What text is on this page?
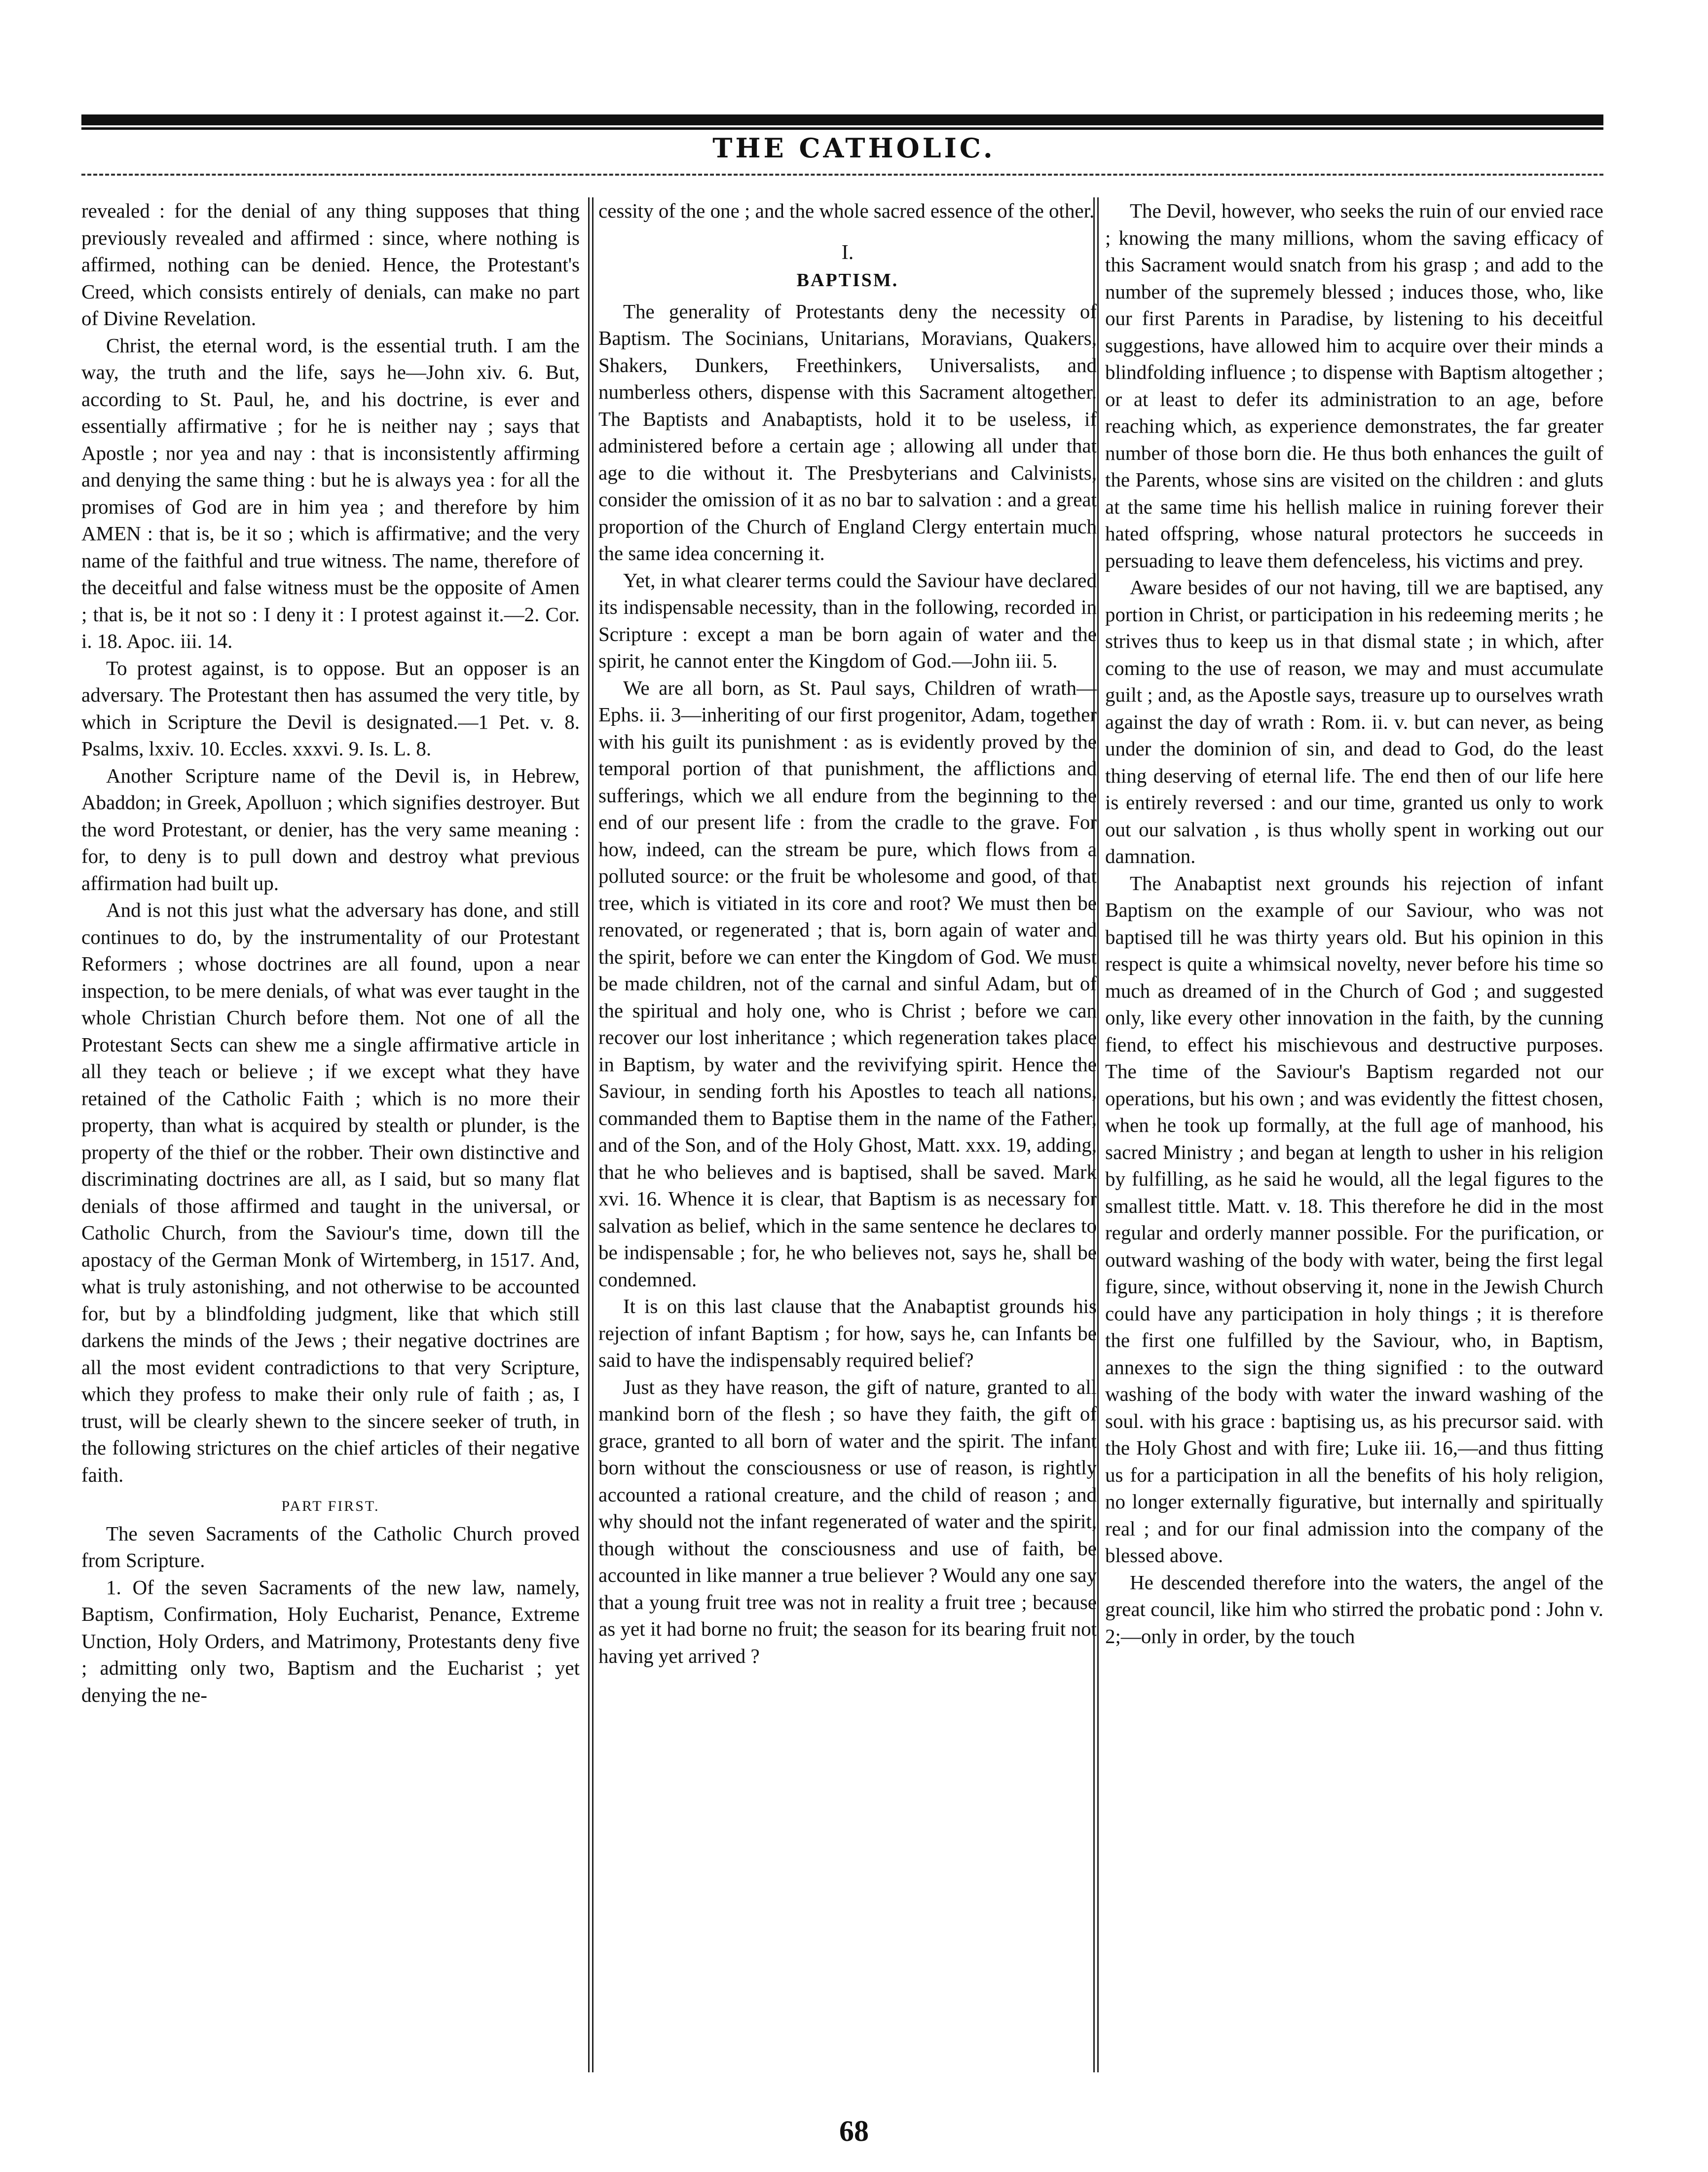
THE CATHOLIC.

revealed : for the denial of any thing supposes that thing previously revealed and affirmed : since, where nothing is affirmed, nothing can be denied. Hence, the Protestant's Creed, which consists entirely of denials, can make no part of Divine Revelation.

Christ, the eternal word, is the essential truth. I am the way, the truth and the life, says he—John xiv. 6. But, according to St. Paul, he, and his doctrine, is ever and essentially affirmative ; for he is neither nay ; says that Apostle ; nor yea and nay : that is inconsistently affirming and denying the same thing : but he is always yea : for all the promises of God are in him yea ; and therefore by him AMEN : that is, be it so ; which is affirmative; and the very name of the faithful and true witness. The name, therefore of the deceitful and false witness must be the opposite of Amen ; that is, be it not so : I deny it : I protest against it.—2. Cor. i. 18. Apoc. iii. 14.

To protest against, is to oppose. But an opposer is an adversary. The Protestant then has assumed the very title, by which in Scripture the Devil is designated.—1 Pet. v. 8. Psalms, lxxiv. 10. Eccles. xxxvi. 9. Is. L. 8.

Another Scripture name of the Devil is, in Hebrew, Abaddon; in Greek, Apolluon ; which signifies destroyer. But the word Protestant, or denier, has the very same meaning : for, to deny is to pull down and destroy what previous affirmation had built up.

And is not this just what the adversary has done, and still continues to do, by the instrumentality of our Protestant Reformers ; whose doctrines are all found, upon a near inspection, to be mere denials, of what was ever taught in the whole Christian Church before them. Not one of all the Protestant Sects can shew me a single affirmative article in all they teach or believe ; if we except what they have retained of the Catholic Faith ; which is no more their property, than what is acquired by stealth or plunder, is the property of the thief or the robber. Their own distinctive and discriminating doctrines are all, as I said, but so many flat denials of those affirmed and taught in the universal, or Catholic Church, from the Saviour's time, down till the apostacy of the German Monk of Wirtemberg, in 1517. And, what is truly astonishing, and not otherwise to be accounted for, but by a blindfolding judgment, like that which still darkens the minds of the Jews ; their negative doctrines are all the most evident contradictions to that very Scripture, which they profess to make their only rule of faith ; as, I trust, will be clearly shewn to the sincere seeker of truth, in the following strictures on the chief articles of their negative faith.

PART FIRST.

The seven Sacraments of the Catholic Church proved from Scripture.

1. Of the seven Sacraments of the new law, namely, Baptism, Confirmation, Holy Eucharist, Penance, Extreme Unction, Holy Orders, and Matrimony, Protestants deny five ; admitting only two, Baptism and the Eucharist ; yet denying the ne-

cessity of the one ; and the whole sacred essence of the other.

I.
BAPTISM.

The generality of Protestants deny the necessity of Baptism. The Socinians, Unitarians, Moravians, Quakers, Shakers, Dunkers, Freethinkers, Universalists, and numberless others, dispense with this Sacrament altogether. The Baptists and Anabaptists, hold it to be useless, if administered before a certain age ; allowing all under that age to die without it. The Presbyterians and Calvinists, consider the omission of it as no bar to salvation : and a great proportion of the Church of England Clergy entertain much the same idea concerning it.

Yet, in what clearer terms could the Saviour have declared its indispensable necessity, than in the following, recorded in Scripture : except a man be born again of water and the spirit, he cannot enter the Kingdom of God.—John iii. 5.

We are all born, as St. Paul says, Children of wrath—Ephs. ii. 3—inheriting of our first progenitor, Adam, together with his guilt its punishment : as is evidently proved by the temporal portion of that punishment, the afflictions and sufferings, which we all endure from the beginning to the end of our present life : from the cradle to the grave. For how, indeed, can the stream be pure, which flows from a polluted source: or the fruit be wholesome and good, of that tree, which is vitiated in its core and root? We must then be renovated, or regenerated ; that is, born again of water and the spirit, before we can enter the Kingdom of God. We must be made children, not of the carnal and sinful Adam, but of the spiritual and holy one, who is Christ ; before we can recover our lost inheritance ; which regeneration takes place in Baptism, by water and the revivifying spirit. Hence the Saviour, in sending forth his Apostles to teach all nations, commanded them to Baptise them in the name of the Father, and of the Son, and of the Holy Ghost, Matt. xxx. 19, adding, that he who believes and is baptised, shall be saved. Mark xvi. 16. Whence it is clear, that Baptism is as necessary for salvation as belief, which in the same sentence he declares to be indispensable ; for, he who believes not, says he, shall be condemned.

It is on this last clause that the Anabaptist grounds his rejection of infant Baptism ; for how, says he, can Infants be said to have the indispensably required belief?

Just as they have reason, the gift of nature, granted to all mankind born of the flesh ; so have they faith, the gift of grace, granted to all born of water and the spirit. The infant born without the consciousness or use of reason, is rightly accounted a rational creature, and the child of reason ; and why should not the infant regenerated of water and the spirit, though without the consciousness and use of faith, be accounted in like manner a true believer ? Would any one say that a young fruit tree was not in reality a fruit tree ; because as yet it had borne no fruit; the season for its bearing fruit not having yet arrived ?

The Devil, however, who seeks the ruin of our envied race ; knowing the many millions, whom the saving efficacy of this Sacrament would snatch from his grasp ; and add to the number of the supremely blessed ; induces those, who, like our first Parents in Paradise, by listening to his deceitful suggestions, have allowed him to acquire over their minds a blindfolding influence ; to dispense with Baptism altogether ; or at least to defer its administration to an age, before reaching which, as experience demonstrates, the far greater number of those born die. He thus both enhances the guilt of the Parents, whose sins are visited on the children : and gluts at the same time his hellish malice in ruining forever their hated offspring, whose natural protectors he succeeds in persuading to leave them defenceless, his victims and prey.

Aware besides of our not having, till we are baptised, any portion in Christ, or participation in his redeeming merits ; he strives thus to keep us in that dismal state ; in which, after coming to the use of reason, we may and must accumulate guilt ; and, as the Apostle says, treasure up to ourselves wrath against the day of wrath : Rom. ii. v. but can never, as being under the dominion of sin, and dead to God, do the least thing deserving of eternal life. The end then of our life here is entirely reversed : and our time, granted us only to work out our salvation , is thus wholly spent in working out our damnation.

The Anabaptist next grounds his rejection of infant Baptism on the example of our Saviour, who was not baptised till he was thirty years old. But his opinion in this respect is quite a whimsical novelty, never before his time so much as dreamed of in the Church of God ; and suggested only, like every other innovation in the faith, by the cunning fiend, to effect his mischievous and destructive purposes. The time of the Saviour's Baptism regarded not our operations, but his own ; and was evidently the fittest chosen, when he took up formally, at the full age of manhood, his sacred Ministry ; and began at length to usher in his religion by fulfilling, as he said he would, all the legal figures to the smallest tittle. Matt. v. 18. This therefore he did in the most regular and orderly manner possible. For the purification, or outward washing of the body with water, being the first legal figure, since, without observing it, none in the Jewish Church could have any participation in holy things ; it is therefore the first one fulfilled by the Saviour, who, in Baptism, annexes to the sign the thing signified : to the outward washing of the body with water the inward washing of the soul. with his grace : baptising us, as his precursor said. with the Holy Ghost and with fire; Luke iii. 16,—and thus fitting us for a participation in all the benefits of his holy religion, no longer externally figurative, but internally and spiritually real ; and for our final admission into the company of the blessed above.

He descended therefore into the waters, the angel of the great council, like him who stirred the probatic pond : John v. 2;—only in order, by the touch

68
